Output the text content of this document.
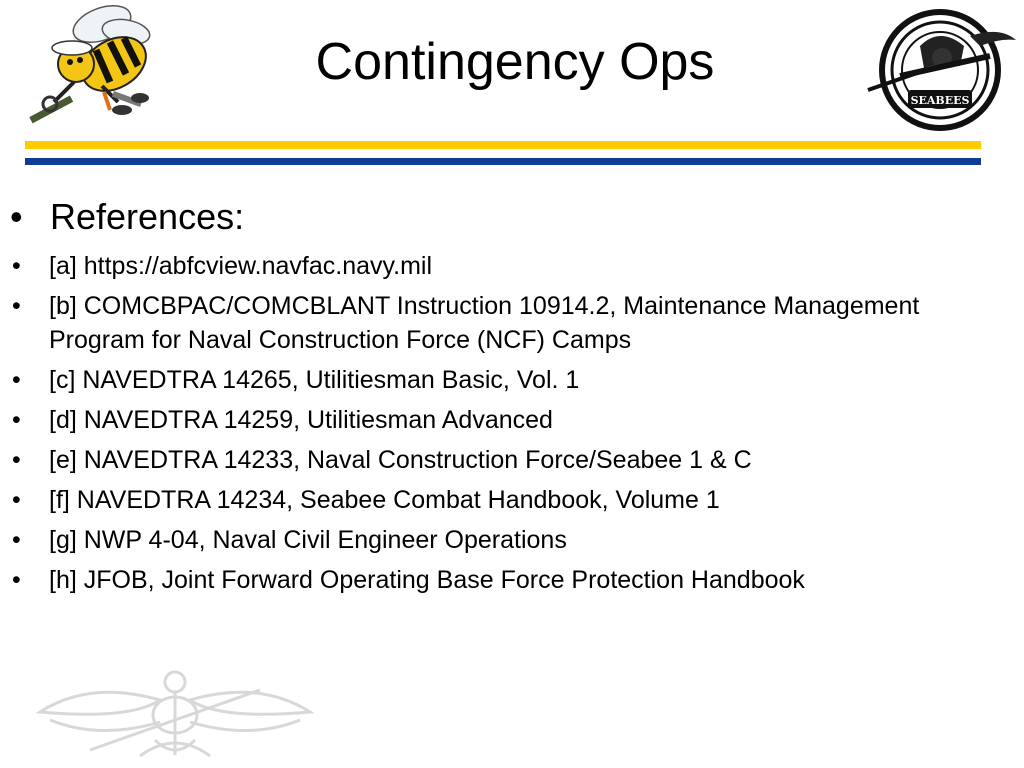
Contingency Ops
SEABEES
• References:
• [a] https://abfcview.navfac.navy.mil
• [b] COMCBPAC/COMCBLANT Instruction 10914.2, Maintenance Management Program for Naval Construction Force (NCF) Camps
• [c] NAVEDTRA 14265, Utilitiesman Basic, Vol. 1
• [d] NAVEDTRA 14259, Utilitiesman Advanced
• [e] NAVEDTRA 14233, Naval Construction Force/Seabee 1 & C
• [f] NAVEDTRA 14234, Seabee Combat Handbook, Volume 1
• [g] NWP 4-04, Naval Civil Engineer Operations
• [h] JFOB, Joint Forward Operating Base Force Protection Handbook
